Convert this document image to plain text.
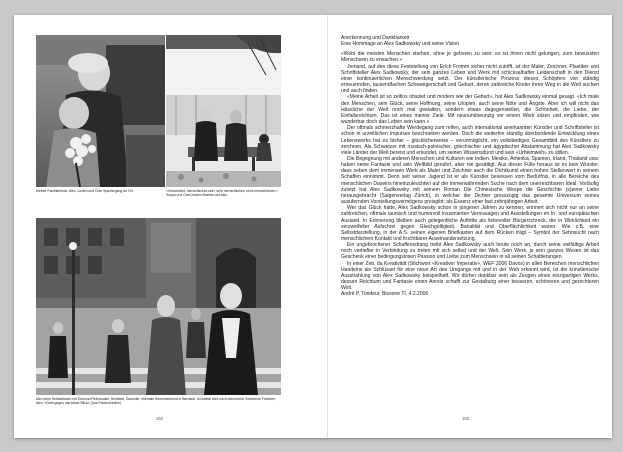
Kleiner Familientisch: Alec, Lucien und Ona: Spaziergang an Ort.	«Verschüttet, menschliches sein, sehr menschliches, nicht menschliches.» Sonya und Ona Umarm Blumen auf Alec.
Alec beim Selbstritasen mit Edmond Reinvoulain, Architekt, Sammler, ehemals Hemmheimmal in Bernardi. Schubbel Alex noch befreuliche Schwenze Früchten, Alec: «Geld gegen das blaue Blick» (Aus Fotobuchreihe)
162

Anerkennung und Dankbarkeit

Eine Hommage an Alex Sadkowsky und seine Vision

«Wohl die meisten Menschen sterben, ohne je geboren zu sein: es ist ihnen nicht gelungen, zum bewussten Menschsein zu erwachen.»

Jemand, auf den diese Feststellung von Erich Fromm sicher nicht zutrifft, ist der Maler, Zeichner, Plastiker und Schriftsteller Alex Sadkowsky, der sein ganzes Leben und Werk mit schicksalhafter Leidenschaft in den Dienst einer kontinuierlichen Menschwerdung setzt. Der künstlerische Prozess dieses Schöpfers von ständig erneuernden, tausendfachen Schwangerschaft und Geburt, deren zahlreiche Kinder ihren Weg in die Welt suchen und auch finden.

«Meine Arbeit ist so zeitlos obsolet und modern wie der Geburt», hat Alex Sadkowsky einmal gesagt. «Ich male den Menschen, sein Glück, seine Hoffnung, seine Utopien, auch seine Nöte und Ängste. Aber ich will nicht das Hässliche der Welt noch mal gestalten, sondern etwas dagegenstellen, die Schönheit, die Liebe, der Einfallsreichtum. Das ist eines meiner Ziele. Mit neunundneunzig vor einem Werk sitzen und empfinden, wie wunderbar doch das Leben sein kann.»

Der oftmals schmerzhafte Werdegang zum reifen, auch international anerkannten Künstler und Schriftsteller ist schon in urzeitlichen Impulsen beschrieben worden. Doch die weiterhin ständig überbordende Entwicklung eines Lebenswerks hat es bisher – glücklicherweise – verunmöglicht, ein vollständiges Gesamtbild des Künstlers zu zeichnen. Als Schweizer mit russisch-polnischer, griechischer und ägyptischer Abstammung hat Alex Sadkowsky viele Länder der Welt bereist und erkundet, um seinen Wissensdurst und sein «Urheimweh» zu stillen.

Die Begegnung mit anderen Menschen und Kulturen wie Indien, Mexiko, Amerika, Spanien, Irland, Thailand usw. haben seine Fantasie und sein Weltbild genährt, aber nie gesättigt. Aus dieser Fülle heraus ist es kein Wunder, dass neben dem immensen Werk als Maler und Zeichner auch die Dichtkunst einen hohen Stellenwert in seinem Schaffen einnimmt. Denn seit seiner Jugend ist er als Künstler besessen vom Bedürfnis, in alle Bereiche des menschlichen Daseins hineinzuleuchten auf der immerwährenden Suche nach dem unerreichbaren Ideal. Vorläufig zuletzt hat Alex Sadkowsky mit seinem Roman Die Chinesische Wespe die Geschichte (s)einer Liebe herausgebracht (Salgenverlag Zürich), in welcher der Dichter grosszügig das gesamte Universum seines ausufernden Vorstellungsvermögens preisgibt; als Essenz einer fast zehnjährigen Arbeit.

Wer das Glück hatte, Alex Sadkowsky schon in jüngeren Jahren zu kennen, erinnert sich nicht nur an seine zahlreichen, oftmals launisch und humorvoll inszenierten Vernissagen und Ausstellungen im In- und europäischen Ausland. In Erinnerung bleiben auch gelegentliche Auftritte als liebevoller Bürgerschreck, die in Wirklichkeit ein verzweifelter Aufschrei gegen Gleichgültigkeit, Banalität und Oberflächlichkeit waren: Wie z.B. eine Selbstdarstellung, in der A.S. seinen eigenen Briefkasten auf dem Rücken trägt – Symbol der Sehnsucht nach menschlichem Kontakt und fruchtbarer Auseinandersetzung.

Ein ungebrochener Schaffensdrang treibt Alex Sadkowsky auch heute noch an, durch seine vielfältige Arbeit noch vertiefter in Verbindung zu treten mit sich selbst und der Welt. Sein Werk, ja sein ganzes Wesen ist das Geschenk einer bedingungslosen Passion und Liebe zum Menschsein in all seinen Schattierungen.

In einer Zeit, da Kreativität (Stichwort «Kreativer Imperativ», WEF 2006 Davos) in allen Bereichen menschlichen Handelns als Schlüssel für eine neue Art des Umgangs mit und in der Welt erkannt wird, ist die künstlerische Ausstrahlung von Alex Sadkowsky beispielhaft. Wir dürfen dankbar sein als Zeugen eines einzigartigen Werks, dessen Reichtum und Fantasie einen Anreiz schafft zur Gestaltung einer besseren, schöneren und gerechteren Welt.

André P. Tondeur, Bissone TI, 4.2.2006

163
